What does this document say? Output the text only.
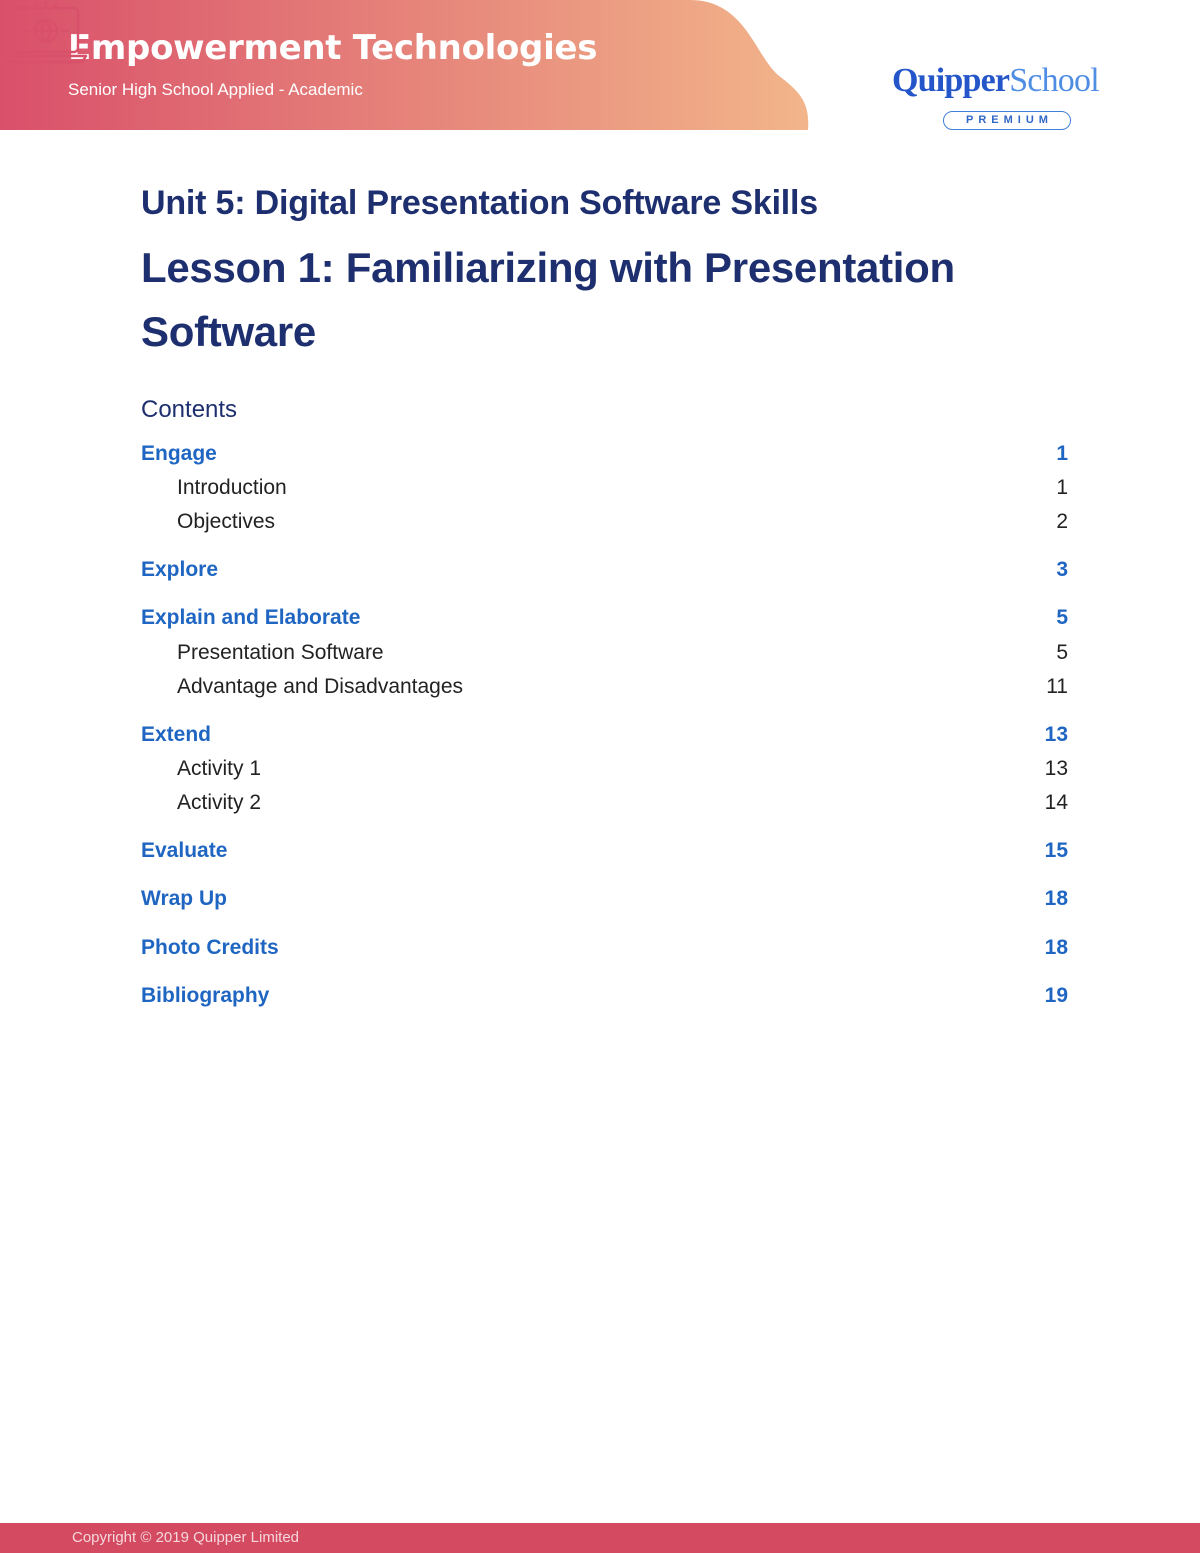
Empowerment Technologies
Senior High School Applied - Academic	QuipperSchool
PREMIUM
Unit 5: Digital Presentation Software Skills
Lesson 1: Familiarizing with Presentation Software
Contents
Engage	1
Introduction	1
Objectives	2
Explore	3
Explain and Elaborate	5
Presentation Software	5
Advantage and Disadvantages	11
Extend	13
Activity 1	13
Activity 2	14
Evaluate	15
Wrap Up	18
Photo Credits	18
Bibliography	19
Copyright © 2019 Quipper Limited
